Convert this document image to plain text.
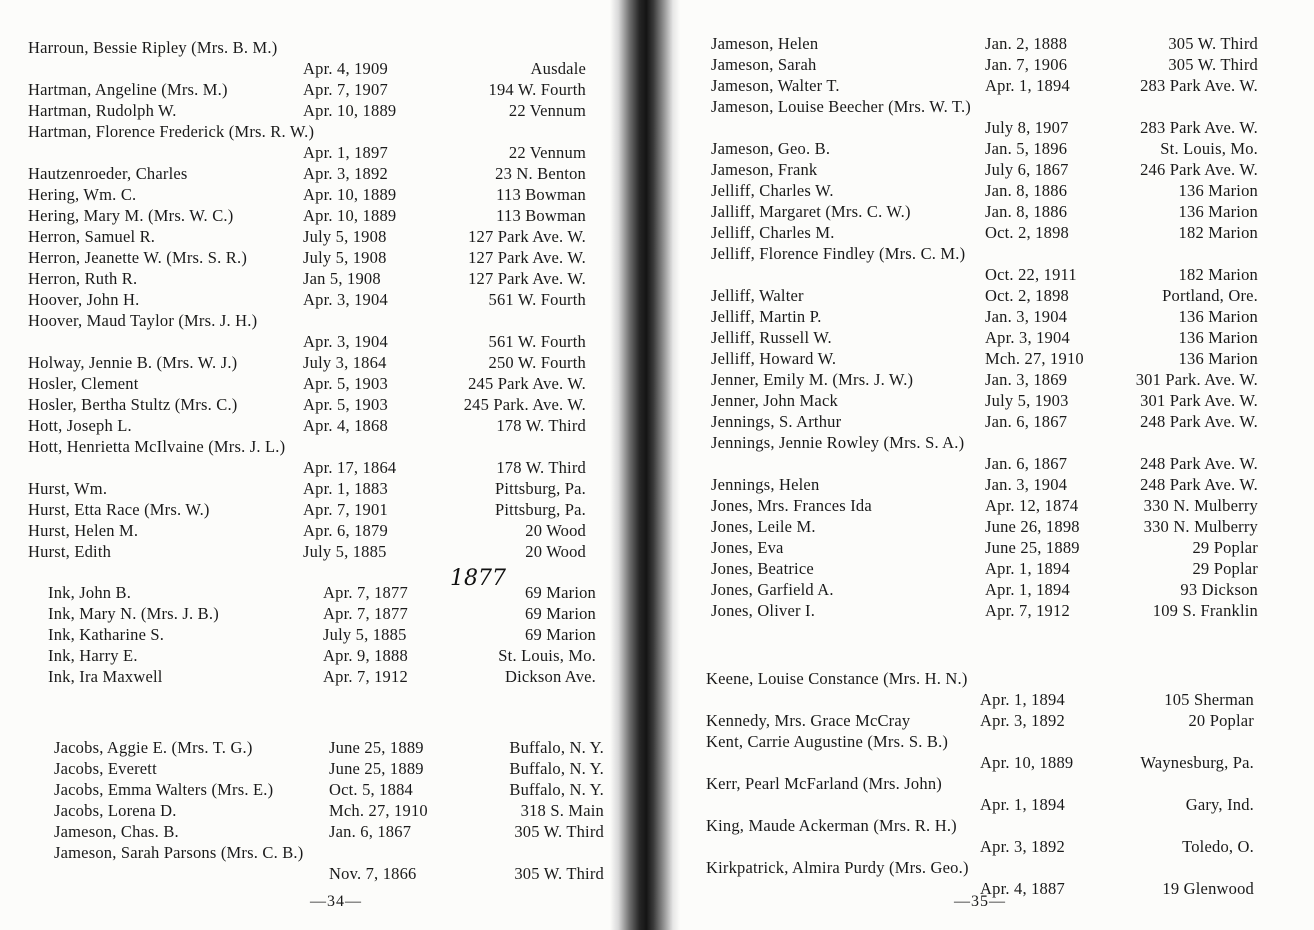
Harroun, Bessie Ripley (Mrs. B. M.)
Apr. 4, 1909	Ausdale
Hartman, Angeline (Mrs. M.)	Apr. 7, 1907	194 W. Fourth
Hartman, Rudolph W.	Apr. 10, 1889	22 Vennum
Hartman, Florence Frederick (Mrs. R. W.)
Apr. 1, 1897	22 Vennum
Hautzenroeder, Charles	Apr. 3, 1892	23 N. Benton
Hering, Wm. C.	Apr. 10, 1889	113 Bowman
Hering, Mary M. (Mrs. W. C.)	Apr. 10, 1889	113 Bowman
Herron, Samuel R.	July 5, 1908	127 Park Ave. W.
Herron, Jeanette W. (Mrs. S. R.)	July 5, 1908	127 Park Ave. W.
Herron, Ruth R.	Jan 5, 1908	127 Park Ave. W.
Hoover, John H.	Apr. 3, 1904	561 W. Fourth
Hoover, Maud Taylor (Mrs. J. H.)
Apr. 3, 1904	561 W. Fourth
Holway, Jennie B. (Mrs. W. J.)	July 3, 1864	250 W. Fourth
Hosler, Clement	Apr. 5, 1903	245 Park Ave. W.
Hosler, Bertha Stultz (Mrs. C.)	Apr. 5, 1903	245 Park. Ave. W.
Hott, Joseph L.	Apr. 4, 1868	178 W. Third
Hott, Henrietta McIlvaine (Mrs. J. L.)
Apr. 17, 1864	178 W. Third
Hurst, Wm.	Apr. 1, 1883	Pittsburg, Pa.
Hurst, Etta Race (Mrs. W.)	Apr. 7, 1901	Pittsburg, Pa.
Hurst, Helen M.	Apr. 6, 1879	20 Wood
Hurst, Edith	July 5, 1885	20 Wood
Ink, John B.	Apr. 7, 1877	69 Marion
Ink, Mary N. (Mrs. J. B.)	Apr. 7, 1877	69 Marion
Ink, Katharine S.	July 5, 1885	69 Marion
Ink, Harry E.	Apr. 9, 1888	St. Louis, Mo.
Ink, Ira Maxwell	Apr. 7, 1912	Dickson Ave.
Jacobs, Aggie E. (Mrs. T. G.)	June 25, 1889	Buffalo, N. Y.
Jacobs, Everett	June 25, 1889	Buffalo, N. Y.
Jacobs, Emma Walters (Mrs. E.)	Oct. 5, 1884	Buffalo, N. Y.
Jacobs, Lorena D.	Mch. 27, 1910	318 S. Main
Jameson, Chas. B.	Jan. 6, 1867	305 W. Third
Jameson, Sarah Parsons (Mrs. C. B.)
Nov. 7, 1866	305 W. Third
1877
—34—
Jameson, Helen	Jan. 2, 1888	305 W. Third
Jameson, Sarah	Jan. 7, 1906	305 W. Third
Jameson, Walter T.	Apr. 1, 1894	283 Park Ave. W.
Jameson, Louise Beecher (Mrs. W. T.)
July 8, 1907	283 Park Ave. W.
Jameson, Geo. B.	Jan. 5, 1896	St. Louis, Mo.
Jameson, Frank	July 6, 1867	246 Park Ave. W.
Jelliff, Charles W.	Jan. 8, 1886	136 Marion
Jalliff, Margaret (Mrs. C. W.)	Jan. 8, 1886	136 Marion
Jelliff, Charles M.	Oct. 2, 1898	182 Marion
Jelliff, Florence Findley (Mrs. C. M.)
Oct. 22, 1911	182 Marion
Jelliff, Walter	Oct. 2, 1898	Portland, Ore.
Jelliff, Martin P.	Jan. 3, 1904	136 Marion
Jelliff, Russell W.	Apr. 3, 1904	136 Marion
Jelliff, Howard W.	Mch. 27, 1910	136 Marion
Jenner, Emily M. (Mrs. J. W.)	Jan. 3, 1869	301 Park. Ave. W.
Jenner, John Mack	July 5, 1903	301 Park Ave. W.
Jennings, S. Arthur	Jan. 6, 1867	248 Park Ave. W.
Jennings, Jennie Rowley (Mrs. S. A.)
Jan. 6, 1867	248 Park Ave. W.
Jennings, Helen	Jan. 3, 1904	248 Park Ave. W.
Jones, Mrs. Frances Ida	Apr. 12, 1874	330 N. Mulberry
Jones, Leile M.	June 26, 1898	330 N. Mulberry
Jones, Eva	June 25, 1889	29 Poplar
Jones, Beatrice	Apr. 1, 1894	29 Poplar
Jones, Garfield A.	Apr. 1, 1894	93 Dickson
Jones, Oliver I.	Apr. 7, 1912	109 S. Franklin
Keene, Louise Constance (Mrs. H. N.)
Apr. 1, 1894	105 Sherman
Kennedy, Mrs. Grace McCray	Apr. 3, 1892	20 Poplar
Kent, Carrie Augustine (Mrs. S. B.)
Apr. 10, 1889	Waynesburg, Pa.
Kerr, Pearl McFarland (Mrs. John)
Apr. 1, 1894	Gary, Ind.
King, Maude Ackerman (Mrs. R. H.)
Apr. 3, 1892	Toledo, O.
Kirkpatrick, Almira Purdy (Mrs. Geo.)
Apr. 4, 1887	19 Glenwood
—35—
